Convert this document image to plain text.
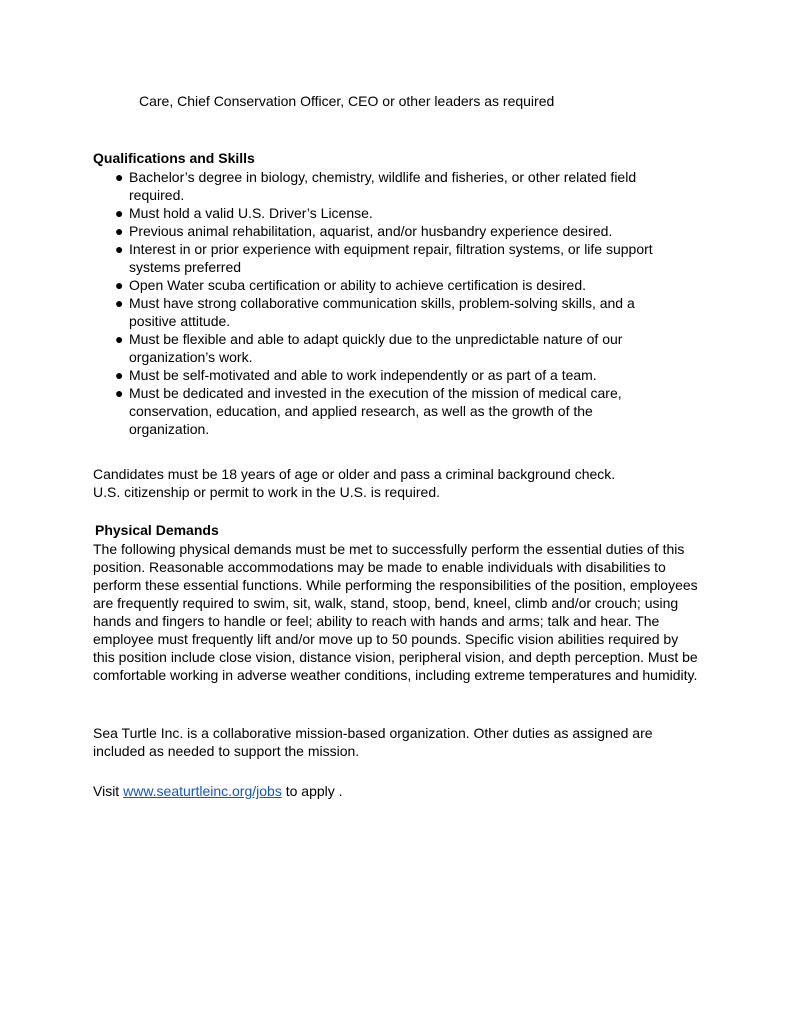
Care, Chief Conservation Officer, CEO or other leaders as required
Qualifications and Skills
● Bachelor’s degree in biology, chemistry, wildlife and fisheries, or other related field required.
● Must hold a valid U.S. Driver’s License.
● Previous animal rehabilitation, aquarist, and/or husbandry experience desired.
● Interest in or prior experience with equipment repair, filtration systems, or life support systems preferred
● Open Water scuba certification or ability to achieve certification is desired.
● Must have strong collaborative communication skills, problem-solving skills, and a positive attitude.
● Must be flexible and able to adapt quickly due to the unpredictable nature of our organization’s work.
● Must be self-motivated and able to work independently or as part of a team.
● Must be dedicated and invested in the execution of the mission of medical care, conservation, education, and applied research, as well as the growth of the organization.
Candidates must be 18 years of age or older and pass a criminal background check.
U.S. citizenship or permit to work in the U.S. is required.
Physical Demands
The following physical demands must be met to successfully perform the essential duties of this position. Reasonable accommodations may be made to enable individuals with disabilities to perform these essential functions. While performing the responsibilities of the position, employees are frequently required to swim, sit, walk, stand, stoop, bend, kneel, climb and/or crouch; using hands and fingers to handle or feel; ability to reach with hands and arms; talk and hear. The employee must frequently lift and/or move up to 50 pounds. Specific vision abilities required by this position include close vision, distance vision, peripheral vision, and depth perception. Must be comfortable working in adverse weather conditions, including extreme temperatures and humidity.
Sea Turtle Inc. is a collaborative mission-based organization. Other duties as assigned are included as needed to support the mission.
Visit www.seaturtleinc.org/jobs to apply .
